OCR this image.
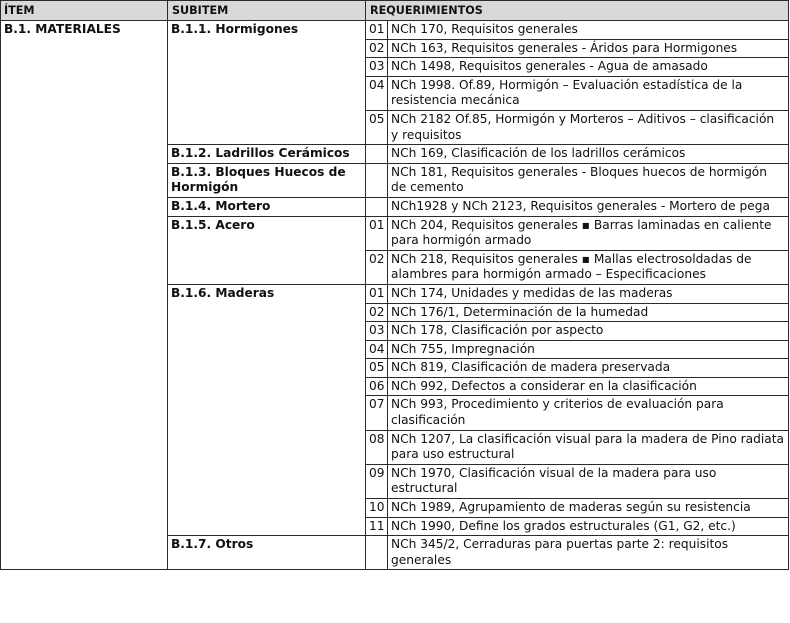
ÍTEM	SUBITEM	REQUERIMIENTOS	
B.1. MATERIALES	B.1.1. Hormigones	01	NCh 170, Requisitos generales
		02	NCh 163, Requisitos generales - Áridos para Hormigones
		03	NCh 1498, Requisitos generales - Agua de amasado
		04	NCh 1998. Of.89, Hormigón – Evaluación estadística de la resistencia mecánica
		05	NCh 2182 Of.85, Hormigón y Morteros – Aditivos – clasificación y requisitos
	B.1.2. Ladrillos Cerámicos		NCh 169, Clasificación de los ladrillos cerámicos
	B.1.3. Bloques Huecos de Hormigón		NCh 181, Requisitos generales - Bloques huecos de hormigón de cemento
	B.1.4. Mortero		NCh1928 y NCh 2123, Requisitos generales - Mortero de pega
	B.1.5. Acero	01	NCh 204, Requisitos generales ▪ Barras laminadas en caliente para hormigón armado
		02	NCh 218, Requisitos generales ▪ Mallas electrosoldadas de alambres para hormigón armado – Especificaciones
	B.1.6. Maderas	01	NCh 174, Unidades y medidas de las maderas
		02	NCh 176/1, Determinación de la humedad
		03	NCh 178, Clasificación por aspecto
		04	NCh 755, Impregnación
		05	NCh 819, Clasificación de madera preservada
		06	NCh 992, Defectos a considerar en la clasificación
		07	NCh 993, Procedimiento y criterios de evaluación para clasificación
		08	NCh 1207, La clasificación visual para la madera de Pino radiata para uso estructural
		09	NCh 1970, Clasificación visual de la madera para uso estructural
		10	NCh 1989, Agrupamiento de maderas según su resistencia
		11	NCh 1990, Define los grados estructurales (G1, G2, etc.)
	B.1.7. Otros		NCh 345/2, Cerraduras para puertas parte 2: requisitos generales
